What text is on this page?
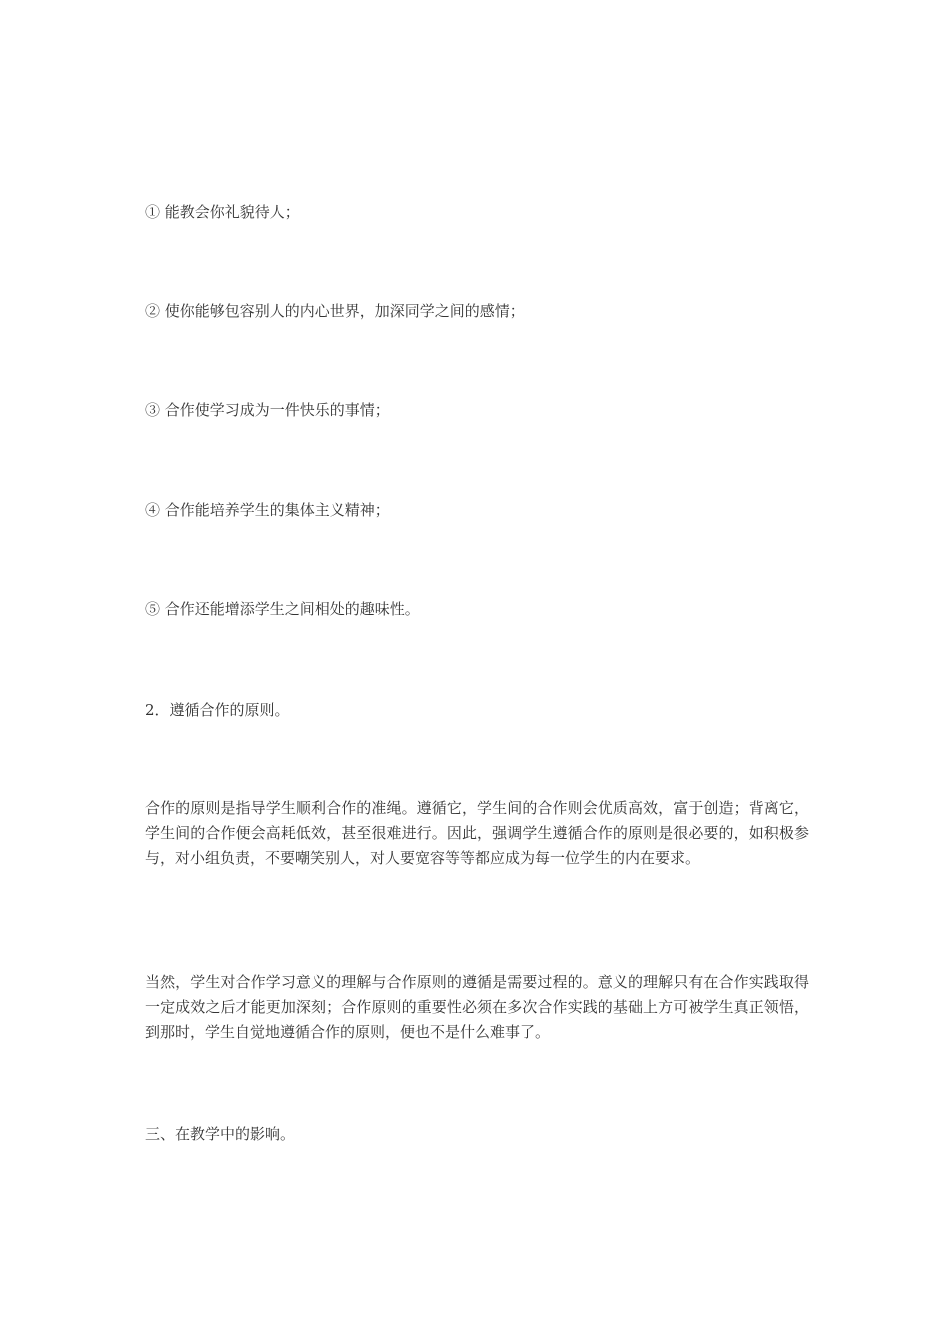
① 能教会你礼貌待人；
② 使你能够包容别人的内心世界，加深同学之间的感情；
③ 合作使学习成为一件快乐的事情；
④ 合作能培养学生的集体主义精神；
⑤ 合作还能增添学生之间相处的趣味性。
2．遵循合作的原则。
合作的原则是指导学生顺利合作的准绳。遵循它，学生间的合作则会优质高效，富于创造；背离它，学生间的合作便会高耗低效，甚至很难进行。因此，强调学生遵循合作的原则是很必要的，如积极参与，对小组负责，不要嘲笑别人，对人要宽容等等都应成为每一位学生的内在要求。
当然，学生对合作学习意义的理解与合作原则的遵循是需要过程的。意义的理解只有在合作实践取得一定成效之后才能更加深刻；合作原则的重要性必须在多次合作实践的基础上方可被学生真正领悟，到那时，学生自觉地遵循合作的原则，便也不是什么难事了。
三、在教学中的影响。
